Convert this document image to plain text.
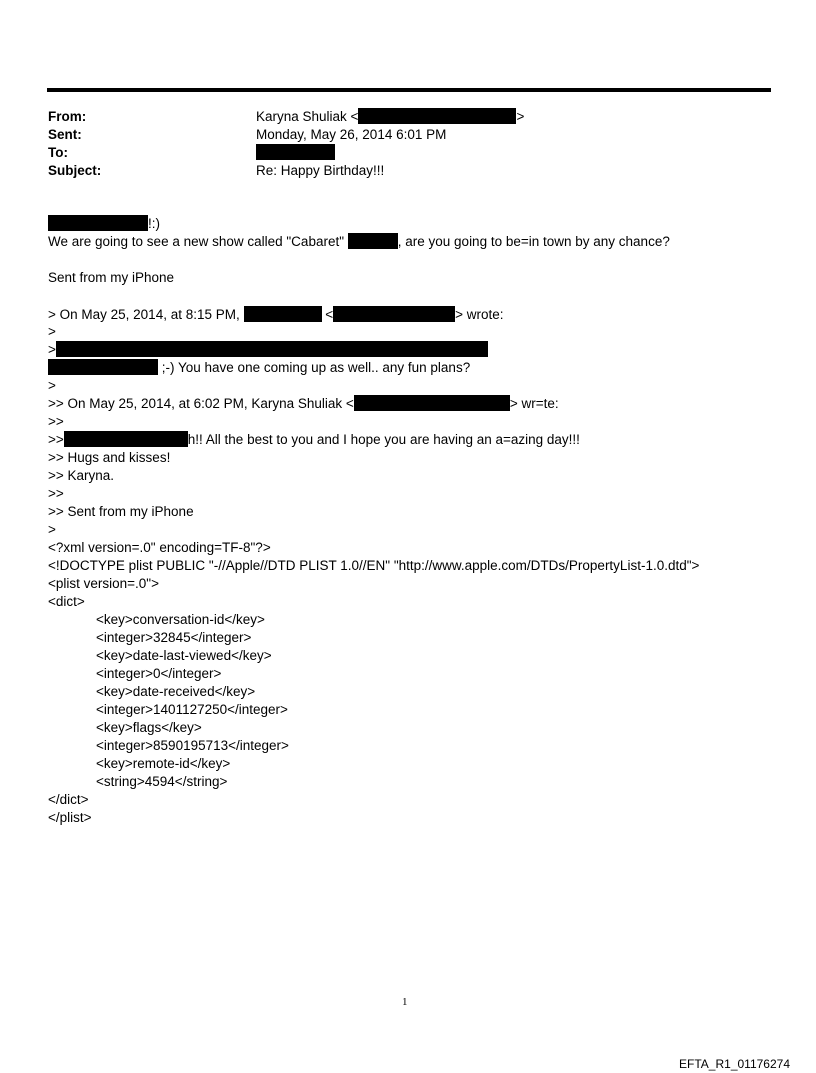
From:	Karyna Shuliak <	>
Sent:	Monday, May 26, 2014 6:01 PM
To:
Subject:	Re: Happy Birthday!!!
!:)
We are going to see a new show called "Cabaret"	, are you going to be=in town by any chance?
Sent from my iPhone
> On May 25, 2014, at 8:15 PM,	<	> wrote:
>
>
;-) You have one coming up as well.. any fun plans?
>
>> On May 25, 2014, at 6:02 PM, Karyna Shuliak <	> wr=te:
>>
>>	h!! All the best to you and I hope you are having an a=azing day!!!
>> Hugs and kisses!
>> Karyna.
>>
>> Sent from my iPhone
>
<?xml version=.0" encoding=TF-8"?>
<!DOCTYPE plist PUBLIC "-//Apple//DTD PLIST 1.0//EN" "http://www.apple.com/DTDs/PropertyList-1.0.dtd">
<plist version=.0">
<dict>
<key>conversation-id</key>
<integer>32845</integer>
<key>date-last-viewed</key>
<integer>0</integer>
<key>date-received</key>
<integer>1401127250</integer>
<key>flags</key>
<integer>8590195713</integer>
<key>remote-id</key>
<string>4594</string>
</dict>
</plist>
1
EFTA_R1_01176274
